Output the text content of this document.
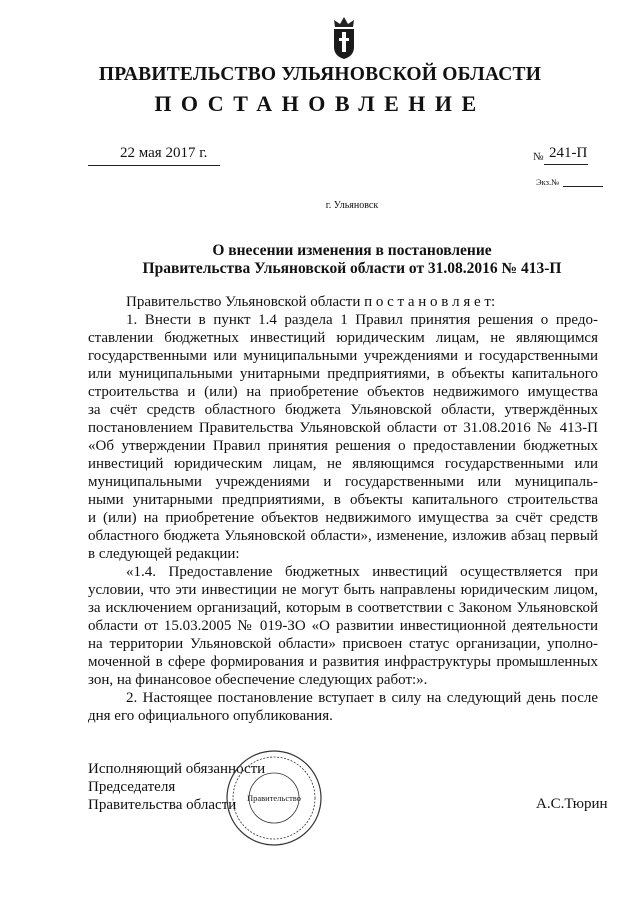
ПРАВИТЕЛЬСТВО УЛЬЯНОВСКОЙ ОБЛАСТИ
ПОСТАНОВЛЕНИЕ
22 мая 2017 г.	№ 241-П
Экз.№
г. Ульяновск
О внесении изменения в постановление
Правительства Ульяновской области от 31.08.2016 № 413-П
Правительство Ульяновской области п о с т а н о в л я е т:
1. Внести в пункт 1.4 раздела 1 Правил принятия решения о предо-
ставлении бюджетных инвестиций юридическим лицам, не являющимся
государственными или муниципальными учреждениями и государственными
или муниципальными унитарными предприятиями, в объекты капитального
строительства и (или) на приобретение объектов недвижимого имущества
за счёт средств областного бюджета Ульяновской области, утверждённых
постановлением Правительства Ульяновской области от 31.08.2016 № 413-П
«Об утверждении Правил принятия решения о предоставлении бюджетных
инвестиций юридическим лицам, не являющимся государственными или
муниципальными учреждениями и государственными или муниципаль-
ными унитарными предприятиями, в объекты капитального строительства
и (или) на приобретение объектов недвижимого имущества за счёт средств
областного бюджета Ульяновской области», изменение, изложив абзац первый
в следующей редакции:
«1.4. Предоставление бюджетных инвестиций осуществляется при
условии, что эти инвестиции не могут быть направлены юридическим лицом,
за исключением организаций, которым в соответствии с Законом Ульяновской
области от 15.03.2005 № 019-ЗО «О развитии инвестиционной деятельности
на территории Ульяновской области» присвоен статус организации, уполно-
моченной в сфере формирования и развития инфраструктуры промышленных
зон, на финансовое обеспечение следующих работ:».
2. Настоящее постановление вступает в силу на следующий день после
дня его официального опубликования.
Исполняющий обязанности
Председателя
Правительства области	А.С.Тюрин
Правительство
